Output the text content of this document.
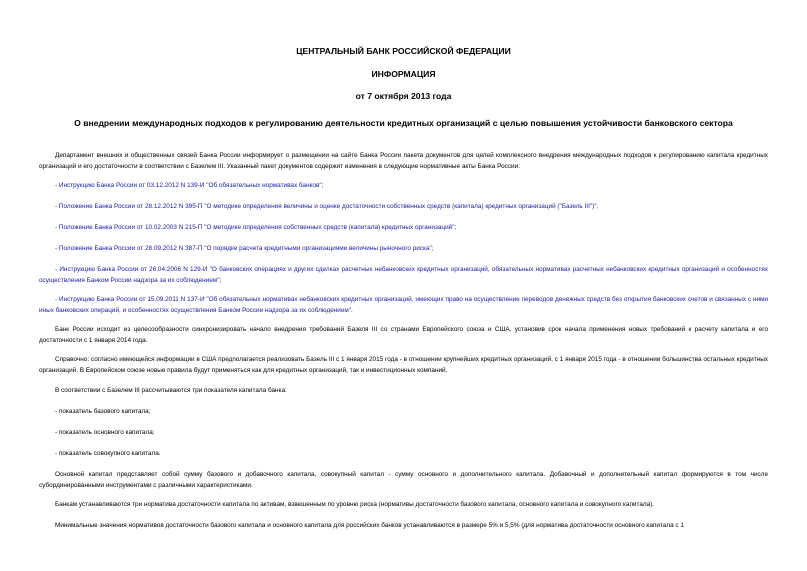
ЦЕНТРАЛЬНЫЙ БАНК РОССИЙСКОЙ ФЕДЕРАЦИИ
ИНФОРМАЦИЯ
от 7 октября 2013 года
О внедрении международных подходов к регулированию деятельности кредитных организаций с целью повышения устойчивости банковского сектора

Департамент внешних и общественных связей Банка России информирует о размещении на сайте Банка России пакета документов для целей комплексного внедрения международных подходов к регулированию капитала кредитных организаций и его достаточности в соответствии с Базелем III. Указанный пакет документов содержит изменения в следующие нормативные акты Банка России:

- Инструкцию Банка России от 03.12.2012 N 139-И "Об обязательных нормативах банков";

- Положение Банка России от 28.12.2012 N 395-П "О методике определения величины и оценке достаточности собственных средств (капитала) кредитных организаций ("Базель III")";

- Положение Банка России от 10.02.2003 N 215-П "О методике определения собственных средств (капитала) кредитных организаций";

- Положение Банка России от 28.09.2012 N 387-П "О порядке расчета кредитными организациями величины рыночного риска";

- Инструкцию Банка России от 26.04.2006 N 129-И "О банковских операциях и других сделках расчетных небанковских кредитных организаций, обязательных нормативах расчетных небанковских кредитных организаций и особенностях осуществления Банком России надзора за их соблюдением";

- Инструкцию Банка России от 15.09.2011 N 137-И "Об обязательных нормативах небанковских кредитных организаций, имеющих право на осуществление переводов денежных средств без открытия банковских счетов и связанных с ними иных банковских операций, и особенностях осуществления Банком России надзора за их соблюдением".

Банк России исходит из целесообразности синхронизировать начало внедрения требований Базеля III со странами Европейского союза и США, установив срок начала применения новых требований к расчету капитала и его достаточности с 1 января 2014 года.

Справочно: согласно имеющейся информации в США предполагается реализовать Базель III с 1 января 2015 года - в отношении крупнейших кредитных организаций, с 1 января 2015 года - в отношении большинства остальных кредитных организаций. В Европейском союзе новые правила будут применяться как для кредитных организаций, так и инвестиционных компаний.

В соответствии с Базелем III рассчитываются три показателя капитала банка:

- показатель базового капитала;

- показатель основного капитала;

- показатель совокупного капитала.

Основной капитал представляет собой сумму базового и добавочного капитала, совокупный капитал - сумму основного и дополнительного капитала. Добавочный и дополнительный капитал формируются в том числе субординированными инструментами с различными характеристиками.

Банкам устанавливаются три норматива достаточности капитала по активам, взвешенным по уровню риска (нормативы достаточности базового капитала, основного капитала и совокупного капитала).

Минимальные значения нормативов достаточности базового капитала и основного капитала для российских банков устанавливаются в размере 5% и 5,5% (для норматива достаточности основного капитала с 1
